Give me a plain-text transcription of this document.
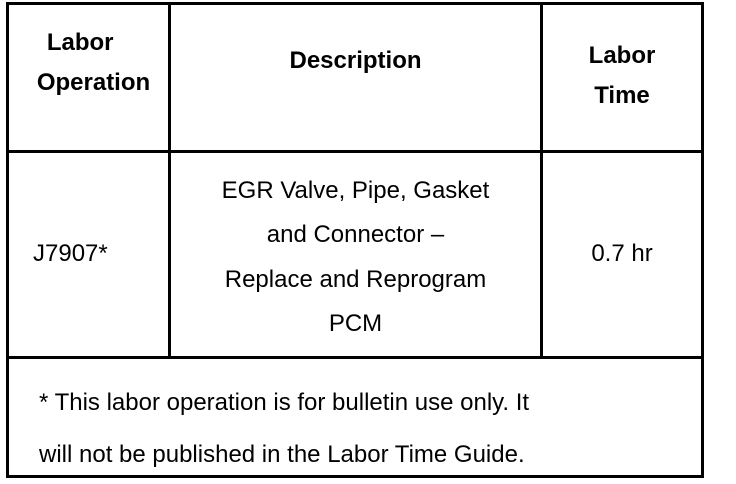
Labor
Operation
Description	Labor
Time
J7907*
EGR Valve, Pipe, Gasket
and Connector –
Replace and Reprogram
PCM
0.7 hr
* This labor operation is for bulletin use only. It
will not be published in the Labor Time Guide.
